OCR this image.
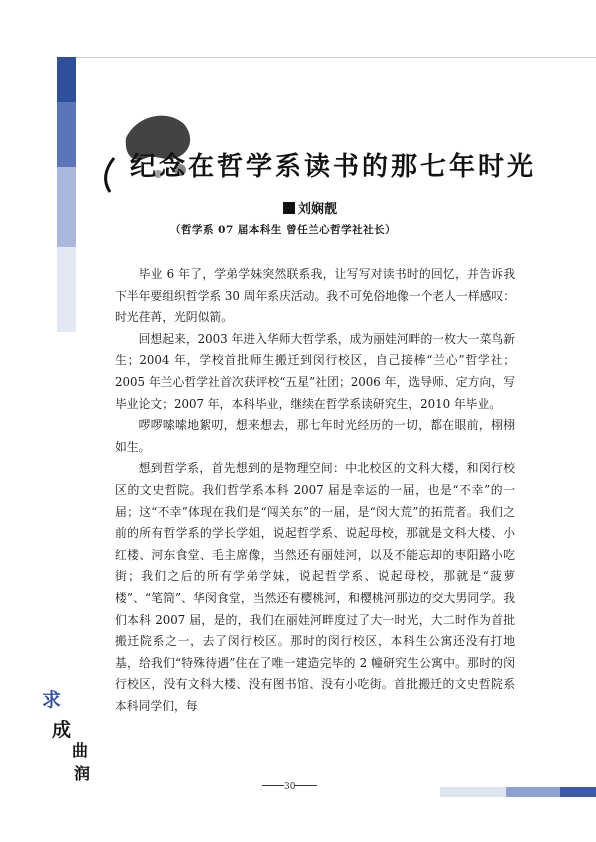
纪念在哲学系读书的那七年时光
刘娴靓
（哲学系 07 届本科生 曾任兰心哲学社社长）

毕业 6 年了，学弟学妹突然联系我，让写写对读书时的回忆，并告诉我下半年要组织哲学系 30 周年系庆活动。我不可免俗地像一个老人一样感叹：时光荏苒，光阴似箭。

回想起来，2003 年进入华师大哲学系，成为丽娃河畔的一枚大一菜鸟新生；2004 年，学校首批师生搬迁到闵行校区，自己接棒“兰心”哲学社；2005 年兰心哲学社首次获评校“五星”社团；2006 年，选导师、定方向，写毕业论文；2007 年，本科毕业，继续在哲学系读研究生，2010 年毕业。

啰啰嗦嗦地絮叨，想来想去，那七年时光经历的一切，都在眼前，栩栩如生。

想到哲学系，首先想到的是物理空间：中北校区的文科大楼，和闵行校区的文史哲院。我们哲学系本科 2007 届是幸运的一届，也是“不幸”的一届；这“不幸”体现在我们是“闯关东”的一届，是“闵大荒”的拓荒者。我们之前的所有哲学系的学长学姐，说起哲学系、说起母校，那就是文科大楼、小红楼、河东食堂、毛主席像，当然还有丽娃河，以及不能忘却的枣阳路小吃街；我们之后的所有学弟学妹，说起哲学系、说起母校，那就是“菠萝楼”、“笔筒”、华闵食堂，当然还有樱桃河，和樱桃河那边的交大男同学。我们本科 2007 届，是的，我们在丽娃河畔度过了大一时光，大二时作为首批搬迁院系之一，去了闵行校区。那时的闵行校区，本科生公寓还没有打地基，给我们“特殊待遇”住在了唯一建造完毕的 2 幢研究生公寓中。那时的闵行校区，没有文科大楼、没有图书馆、没有小吃街。首批搬迁的文史哲院系本科同学们，每

求
成
曲
润
30
